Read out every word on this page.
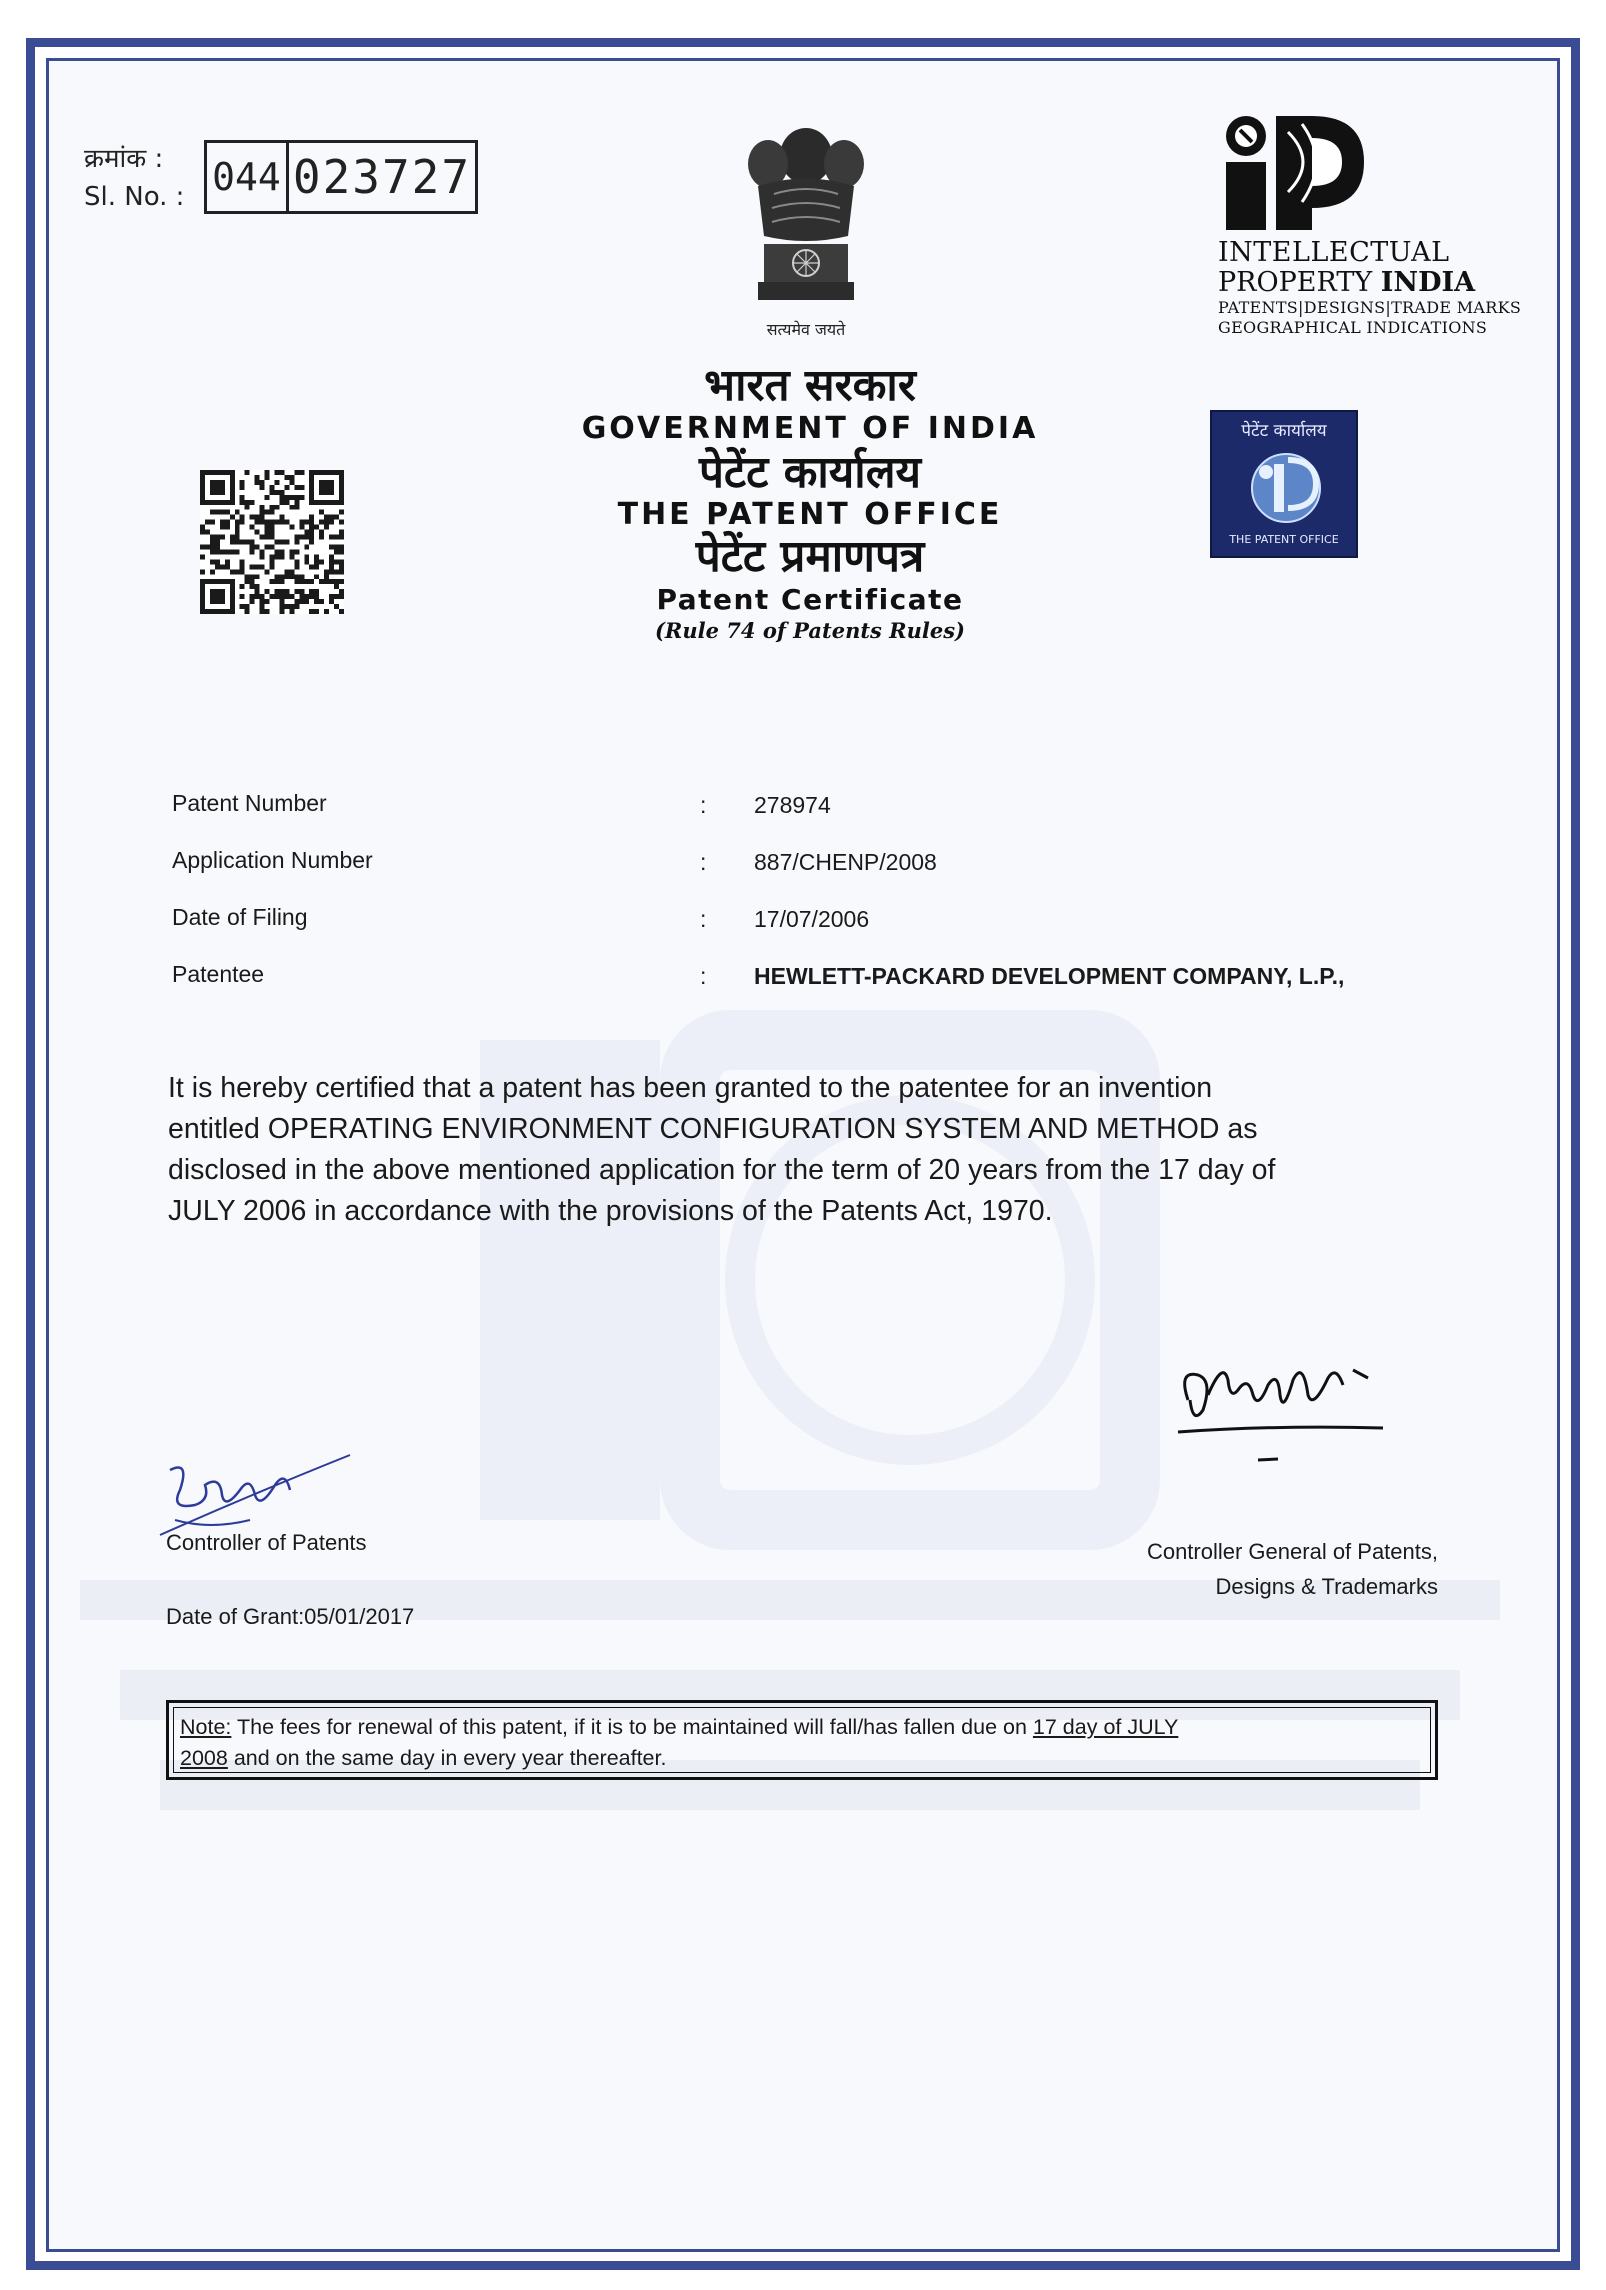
क्रमांक :
Sl. No. : 044 023727
सत्यमेव जयते
INTELLECTUAL
PROPERTY INDIA
PATENTS|DESIGNS|TRADE MARKS
GEOGRAPHICAL INDICATIONS
पेटेंट कार्यालय
THE PATENT OFFICE
भारत सरकार
GOVERNMENT OF INDIA
पेटेंट कार्यालय
THE PATENT OFFICE
पेटेंट प्रमाणपत्र
Patent Certificate
(Rule 74 of Patents Rules)
Patent Number	: 278974
Application Number	: 887/CHENP/2008
Date of Filing	: 17/07/2006
Patentee	: HEWLETT-PACKARD DEVELOPMENT COMPANY, L.P.,
It is hereby certified that a patent has been granted to the patentee for an invention
entitled OPERATING ENVIRONMENT CONFIGURATION SYSTEM AND METHOD as
disclosed in the above mentioned application for the term of 20 years from the 17 day of
JULY 2006 in accordance with the provisions of the Patents Act, 1970.
Controller of Patents	Controller General of Patents,
Designs & Trademarks
Date of Grant:05/01/2017
Note: The fees for renewal of this patent, if it is to be maintained will fall/has fallen due on 17 day of JULY
2008 and on the same day in every year thereafter.
